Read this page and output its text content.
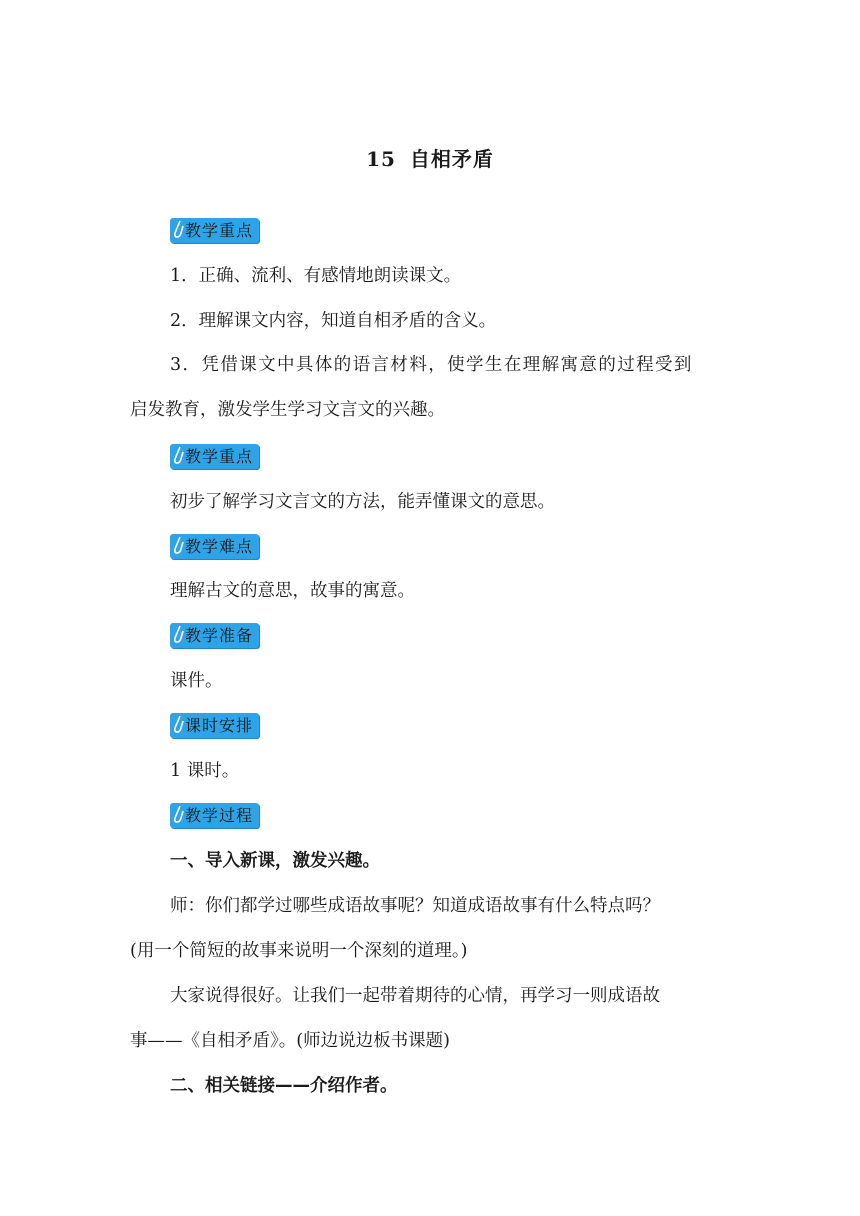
15 自相矛盾
教学重点
1．正确、流利、有感情地朗读课文。
2．理解课文内容，知道自相矛盾的含义。
3．凭借课文中具体的语言材料，使学生在理解寓意的过程受到
启发教育，激发学生学习文言文的兴趣。
教学重点
初步了解学习文言文的方法，能弄懂课文的意思。
教学难点
理解古文的意思，故事的寓意。
教学准备
课件。
课时安排
1 课时。
教学过程
一、导入新课，激发兴趣。
师：你们都学过哪些成语故事呢？知道成语故事有什么特点吗？
(用一个简短的故事来说明一个深刻的道理。)
大家说得很好。让我们一起带着期待的心情，再学习一则成语故
事——《自相矛盾》。(师边说边板书课题)
二、相关链接——介绍作者。
